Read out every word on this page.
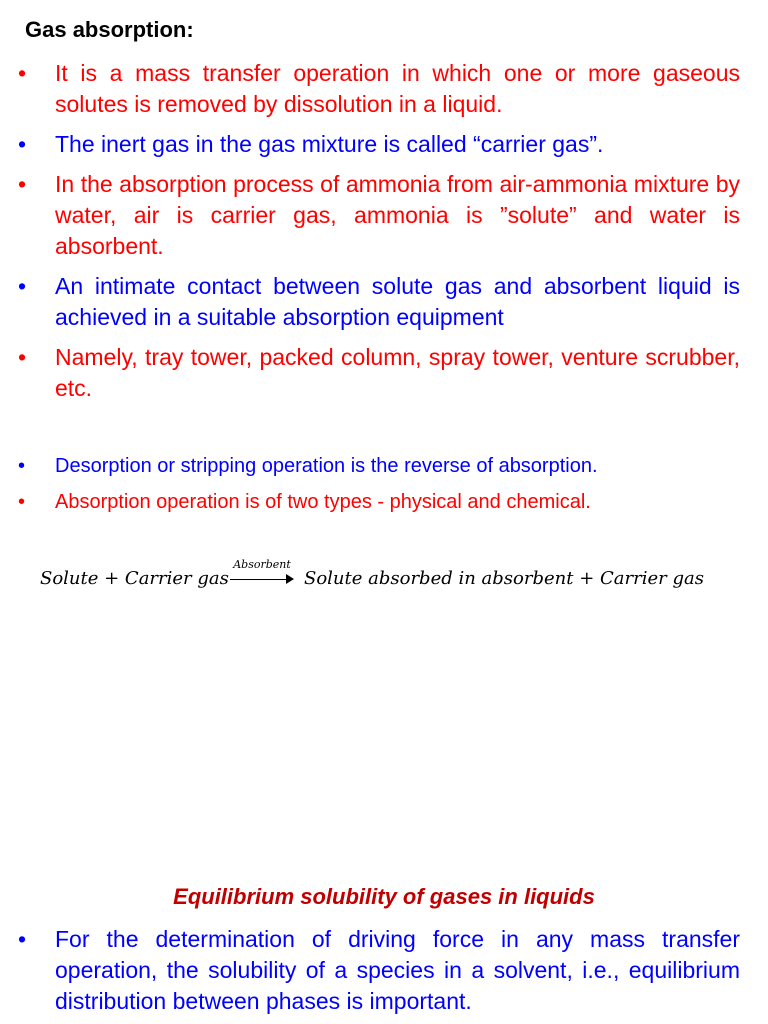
Gas absorption:
• It is a mass transfer operation in which one or more gaseous solutes is removed by dissolution in a liquid.
• The inert gas in the gas mixture is called “carrier gas”.
• In the absorption process of ammonia from air-ammonia mixture by water, air is carrier gas, ammonia is ”solute” and water is absorbent.
• An intimate contact between solute gas and absorbent liquid is achieved in a suitable absorption equipment
• Namely, tray tower, packed column, spray tower, venture scrubber, etc.
• Desorption or stripping operation is the reverse of absorption.
• Absorption operation is of two types - physical and chemical.
Solute + Carrier gas
Absorbent
Solute absorbed in absorbent + Carrier gas
Equilibrium solubility of gases in liquids
• For the determination of driving force in any mass transfer operation, the solubility of a species in a solvent, i.e., equilibrium distribution between phases is important.
